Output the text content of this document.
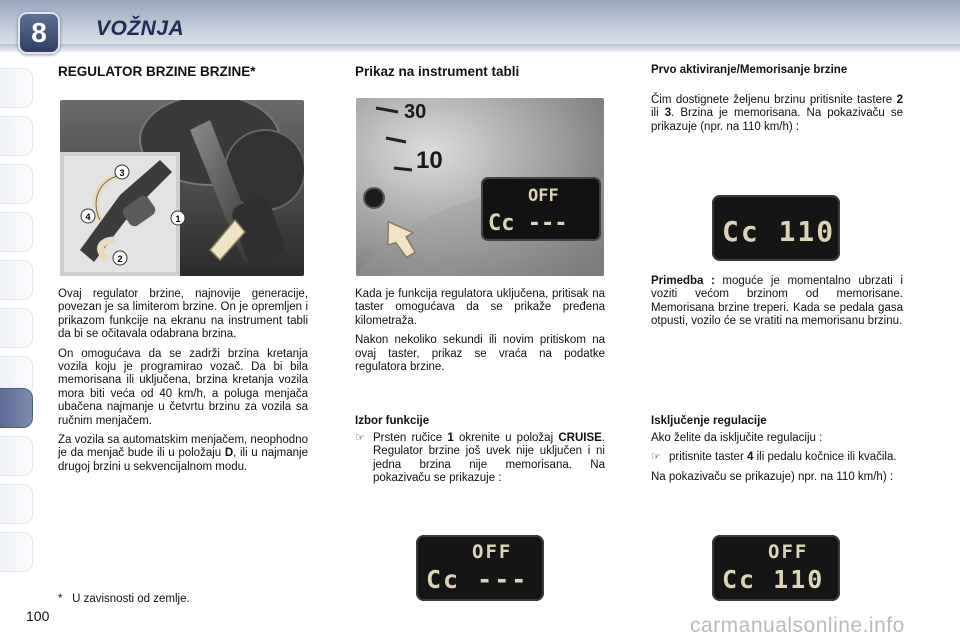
8	VOŽNJA
REGULATOR BRZINE BRZINE*
3
1
2
4

Ovaj regulator brzine, najnovije generacije, povezan je sa limiterom brzine. On je opremljen i prikazom funkcije na ekranu na instrument tabli da bi se očitavala odabrana brzina.

On omogućava da se zadrži brzina kretanja vozila koju je programirao vozač. Da bi bila memorisana ili uključena, brzina kretanja vozila mora biti veća od 40 km/h, a poluga menjača ubačena najmanje u četvrtu brzinu za vozila sa ručnim menjačem.

Za vozila sa automatskim menjačem, neophodno je da menjač bude ili u položaju D, ili u najmanje drugoj brzini u sekvencijalnom modu.

* U zavisnosti od zemlje.
100
Prikaz na instrument tabli
30
10
OFF
Cc ---

Kada je funkcija regulatora uključena, pritisak na taster omogućava da se prikaže pređena kilometraža.

Nakon nekoliko sekundi ili novim pritiskom na ovaj taster, prikaz se vraća na podatke regulatora brzine.

Izbor funkcije
☞ Prsten ručice 1 okrenite u položaj CRUISE. Regulator brzine još uvek nije uključen i ni jedna brzina nije memorisana. Na pokazivaču se prikazuje :
OFF
Cc ---
Prvo aktiviranje/Memorisanje brzine

Čim dostignete željenu brzinu pritisnite tastere 2 ili 3. Brzina je memorisana. Na pokazivaču se prikazuje (npr. na 110 km/h) :

Cc 110

Primedba : moguće je momentalno ubrzati i voziti većom brzinom od memorisane. Memorisana brzine treperi. Kada se pedala gasa otpusti, vozilo će se vratiti na memorisanu brzinu.

Isključenje regulacije

Ako želite da isključite regulaciju :

☞ pritisnite taster 4 ili pedalu kočnice ili kvačila.

Na pokazivaču se prikazuje) npr. na 110 km/h) :

OFF
Cc 110
carmanualsonline.info
